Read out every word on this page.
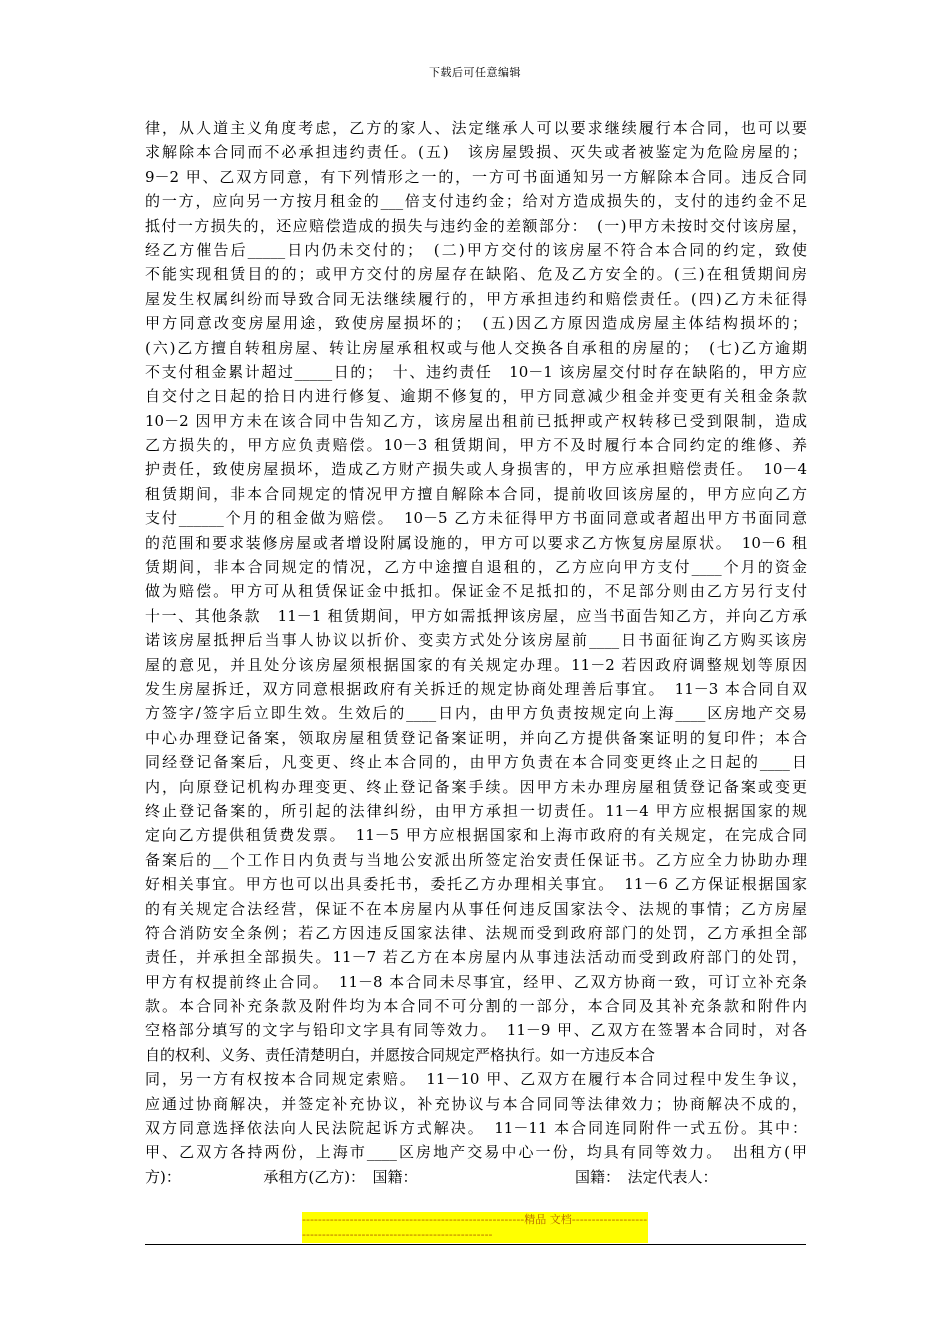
下载后可任意编辑
律，从人道主义角度考虑，乙方的家人、法定继承人可以要求继续履行本合同，也可以要
求解除本合同而不必承担违约责任。(五)　该房屋毁损、灭失或者被鉴定为危险房屋的；
9－2 甲、乙双方同意，有下列情形之一的，一方可书面通知另一方解除本合同。违反合同
的一方，应向另一方按月租金的___倍支付违约金；给对方造成损失的，支付的违约金不足
抵付一方损失的，还应赔偿造成的损失与违约金的差额部分：　(一)甲方未按时交付该房屋，
经乙方催告后_____日内仍未交付的；　(二)甲方交付的该房屋不符合本合同的约定，致使
不能实现租赁目的的；或甲方交付的房屋存在缺陷、危及乙方安全的。(三)在租赁期间房
屋发生权属纠纷而导致合同无法继续履行的，甲方承担违约和赔偿责任。(四)乙方未征得
甲方同意改变房屋用途，致使房屋损坏的；　(五)因乙方原因造成房屋主体结构损坏的；
(六)乙方擅自转租房屋、转让房屋承租权或与他人交换各自承租的房屋的；　(七)乙方逾期
不支付租金累计超过_____日的；　十、违约责任　10－1 该房屋交付时存在缺陷的，甲方应
自交付之日起的拾日内进行修复、逾期不修复的，甲方同意减少租金并变更有关租金条款
10－2 因甲方未在该合同中告知乙方，该房屋出租前已抵押或产权转移已受到限制，造成
乙方损失的，甲方应负责赔偿。10－3 租赁期间，甲方不及时履行本合同约定的维修、养
护责任，致使房屋损坏，造成乙方财产损失或人身损害的，甲方应承担赔偿责任。　10－4
租赁期间，非本合同规定的情况甲方擅自解除本合同，提前收回该房屋的，甲方应向乙方
支付______个月的租金做为赔偿。　10－5 乙方未征得甲方书面同意或者超出甲方书面同意
的范围和要求装修房屋或者增设附属设施的，甲方可以要求乙方恢复房屋原状。　10－6 租
赁期间，非本合同规定的情况，乙方中途擅自退租的，乙方应向甲方支付____个月的资金
做为赔偿。甲方可从租赁保证金中抵扣。保证金不足抵扣的，不足部分则由乙方另行支付
十一、其他条款　11－1 租赁期间，甲方如需抵押该房屋，应当书面告知乙方，并向乙方承
诺该房屋抵押后当事人协议以折价、变卖方式处分该房屋前____日书面征询乙方购买该房
屋的意见，并且处分该房屋须根据国家的有关规定办理。11－2 若因政府调整规划等原因
发生房屋拆迁，双方同意根据政府有关拆迁的规定协商处理善后事宜。　11－3 本合同自双
方签字/签字后立即生效。生效后的____日内，由甲方负责按规定向上海____区房地产交易
中心办理登记备案，领取房屋租赁登记备案证明，并向乙方提供备案证明的复印件；本合
同经登记备案后，凡变更、终止本合同的，由甲方负责在本合同变更终止之日起的____日
内，向原登记机构办理变更、终止登记备案手续。因甲方未办理房屋租赁登记备案或变更
终止登记备案的，所引起的法律纠纷，由甲方承担一切责任。11－4 甲方应根据国家的规
定向乙方提供租赁费发票。　11－5 甲方应根据国家和上海市政府的有关规定，在完成合同
备案后的__个工作日内负责与当地公安派出所签定治安责任保证书。乙方应全力协助办理
好相关事宜。甲方也可以出具委托书，委托乙方办理相关事宜。　11－6 乙方保证根据国家
的有关规定合法经营，保证不在本房屋内从事任何违反国家法令、法规的事情；乙方房屋
符合消防安全条例；若乙方因违反国家法律、法规而受到政府部门的处罚，乙方承担全部
责任，并承担全部损失。11－7 若乙方在本房屋内从事违法活动而受到政府部门的处罚，
甲方有权提前终止合同。　11－8 本合同未尽事宜，经甲、乙双方协商一致，可订立补充条
款。本合同补充条款及附件均为本合同不可分割的一部分，本合同及其补充条款和附件内
空格部分填写的文字与铅印文字具有同等效力。　11－9 甲、乙双方在签署本合同时，对各
自的权利、义务、责任清楚明白，并愿按合同规定严格执行。如一方违反本合
同，另一方有权按本合同规定索赔。　11－10 甲、乙双方在履行本合同过程中发生争议，
应通过协商解决，并签定补充协议，补充协议与本合同同等法律效力；协商解决不成的，
双方同意选择依法向人民法院起诉方式解决。　11－11 本合同连同附件一式五份。其中：
甲、乙双方各持两份，上海市____区房地产交易中心一份，均具有同等效力。　出租方(甲
方)：　　　　　　承租方(乙方)：　国籍：　　　　　　　　　　　国籍：　法定代表人：
--------------------------------------------------------精品 文档-------------------------------------------------------------------
